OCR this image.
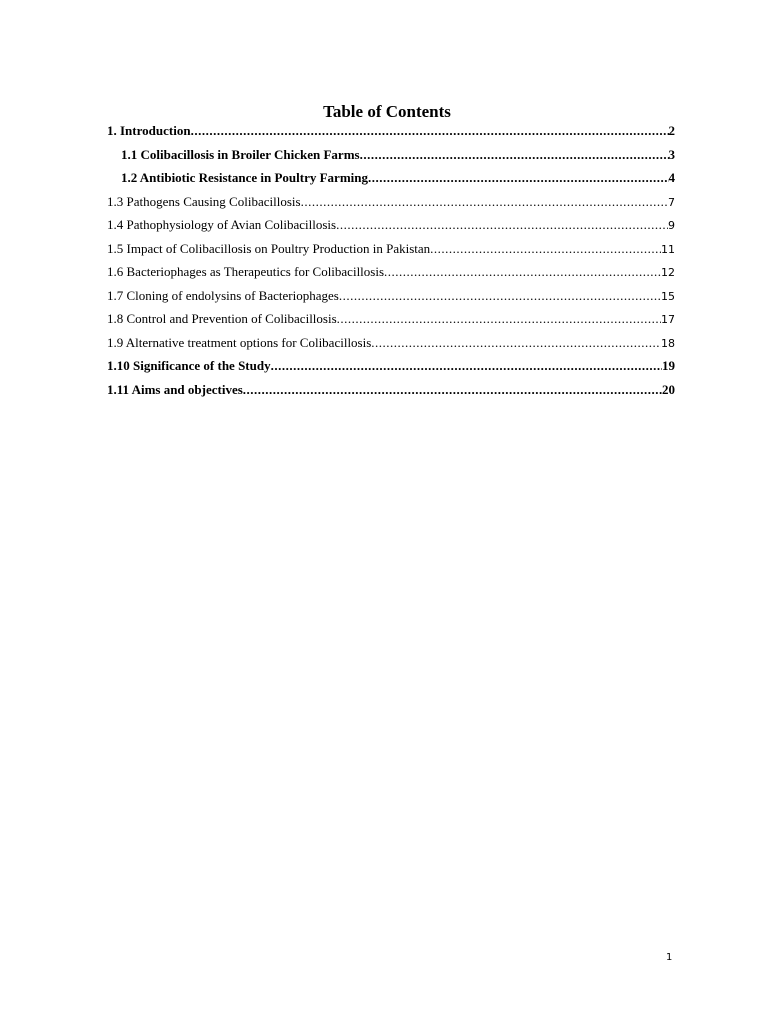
Table of Contents
1. Introduction .....	2
1.1 Colibacillosis in Broiler Chicken Farms .....	3
1.2 Antibiotic Resistance in Poultry Farming .....	4
1.3 Pathogens Causing Colibacillosis .....	7
1.4 Pathophysiology of Avian Colibacillosis .....	9
1.5 Impact of Colibacillosis on Poultry Production in Pakistan .....	11
1.6 Bacteriophages as Therapeutics for Colibacillosis .....	12
1.7 Cloning of endolysins of Bacteriophages .....	15
1.8 Control and Prevention of Colibacillosis .....	17
1.9 Alternative treatment options for Colibacillosis .....	18
1.10 Significance of the Study .....	19
1.11 Aims and objectives .....	20
1
